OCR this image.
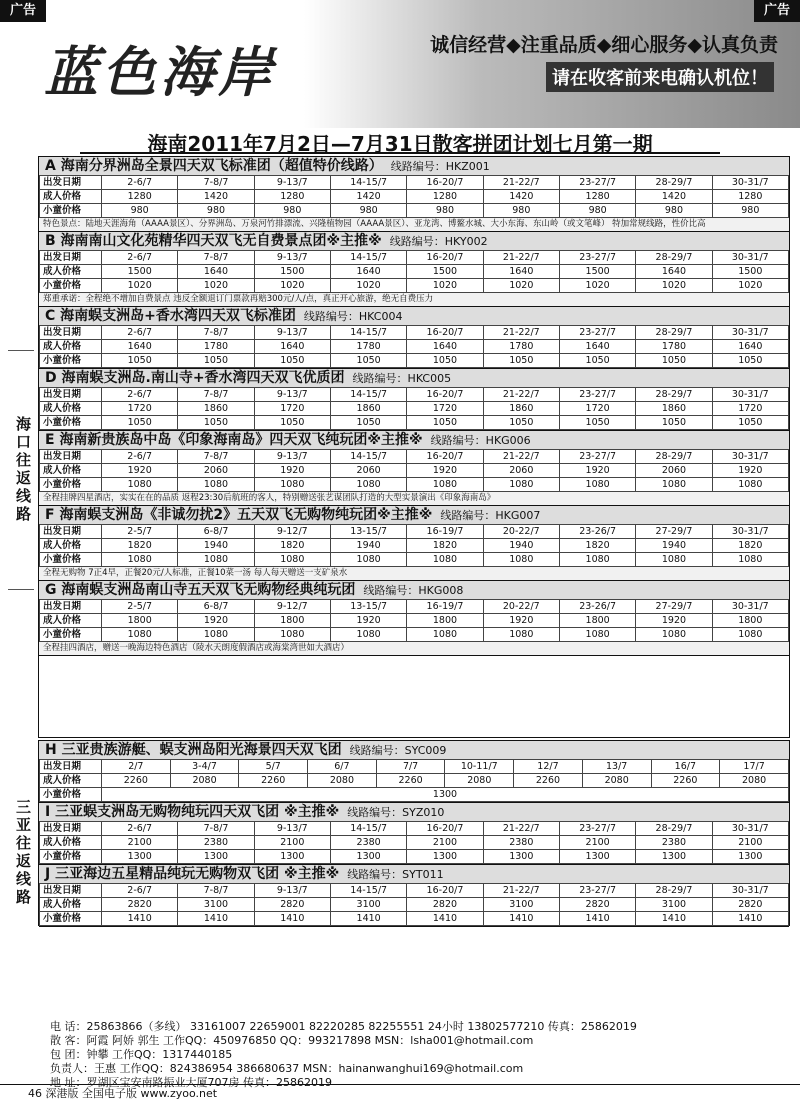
蓝色海岸	诚信经营◆注重品质◆细心服务◆认真负责
请在收客前来电确认机位！
广告	广告
海南2011年7月2日—7月31日散客拼团计划七月第一期
海口往返线路
三亚往返线路
A 海南分界洲岛全景四天双飞标准团（超值特价线路） 线路编号：HKZ001
出发日期	2-6/7	7-8/7	9-13/7	14-15/7	16-20/7	21-22/7	23-27/7	28-29/7	30-31/7
成人价格	1280	1420	1280	1420	1280	1420	1280	1420	1280
小童价格	980	980	980	980	980	980	980	980	980
特色景点：陆地天涯海角（AAAA景区）、分界洲岛、万泉河竹排漂流、兴隆植物园（AAAA景区）、亚龙湾、博鳌水城、大小东海、东山岭（或文笔峰） 特加常规线路，性价比高
B 海南南山文化苑精华四天双飞无自费景点团※主推※ 线路编号：HKY002
出发日期	2-6/7	7-8/7	9-13/7	14-15/7	16-20/7	21-22/7	23-27/7	28-29/7	30-31/7
成人价格	1500	1640	1500	1640	1500	1640	1500	1640	1500
小童价格	1020	1020	1020	1020	1020	1020	1020	1020	1020
郑重承诺：全程绝不增加自费景点 违反全额退订门票款再赔300元/人/点，真正开心旅游，绝无自费压力
C 海南蜈支洲岛+香水湾四天双飞标准团 线路编号：HKC004
出发日期	2-6/7	7-8/7	9-13/7	14-15/7	16-20/7	21-22/7	23-27/7	28-29/7	30-31/7
成人价格	1640	1780	1640	1780	1640	1780	1640	1780	1640
小童价格	1050	1050	1050	1050	1050	1050	1050	1050	1050
D 海南蜈支洲岛.南山寺+香水湾四天双飞优质团 线路编号：HKC005
出发日期	2-6/7	7-8/7	9-13/7	14-15/7	16-20/7	21-22/7	23-27/7	28-29/7	30-31/7
成人价格	1720	1860	1720	1860	1720	1860	1720	1860	1720
小童价格	1050	1050	1050	1050	1050	1050	1050	1050	1050
E 海南新贵族岛中岛《印象海南岛》四天双飞纯玩团※主推※ 线路编号：HKG006
出发日期	2-6/7	7-8/7	9-13/7	14-15/7	16-20/7	21-22/7	23-27/7	28-29/7	30-31/7
成人价格	1920	2060	1920	2060	1920	2060	1920	2060	1920
小童价格	1080	1080	1080	1080	1080	1080	1080	1080	1080
全程挂牌四星酒店，实实在在的品质 返程23:30后航班的客人，特别赠送张艺谋团队打造的大型实景演出《印象海南岛》
F 海南蜈支洲岛《非诚勿扰2》五天双飞无购物纯玩团※主推※ 线路编号：HKG007
出发日期	2-5/7	6-8/7	9-12/7	13-15/7	16-19/7	20-22/7	23-26/7	27-29/7	30-31/7
成人价格	1820	1940	1820	1940	1820	1940	1820	1940	1820
小童价格	1080	1080	1080	1080	1080	1080	1080	1080	1080
全程无购物 7正4早，正餐20元/人标准，正餐10菜一汤 每人每天赠送一支矿泉水
G 海南蜈支洲岛南山寺五天双飞无购物经典纯玩团 线路编号：HKG008
出发日期	2-5/7	6-8/7	9-12/7	13-15/7	16-19/7	20-22/7	23-26/7	27-29/7	30-31/7
成人价格	1800	1920	1800	1920	1800	1920	1800	1920	1800
小童价格	1080	1080	1080	1080	1080	1080	1080	1080	1080
全程挂四酒店，赠送一晚海边特色酒店（陵水天朗度假酒店或海棠湾世如大酒店）
H 三亚贵族游艇、蜈支洲岛阳光海景四天双飞团 线路编号：SYC009
出发日期	2/7	3-4/7	5/7	6/7	7/7	10-11/7	12/7	13/7	16/7	17/7
成人价格	2260	2080	2260	2080	2260	2080	2260	2080	2260	2080
小童价格	1300									
I 三亚蜈支洲岛无购物纯玩四天双飞团 ※主推※ 线路编号：SYZ010
出发日期	2-6/7	7-8/7	9-13/7	14-15/7	16-20/7	21-22/7	23-27/7	28-29/7	30-31/7
成人价格	2100	2380	2100	2380	2100	2380	2100	2380	2100
小童价格	1300	1300	1300	1300	1300	1300	1300	1300	1300
J 三亚海边五星精品纯玩无购物双飞团 ※主推※ 线路编号：SYT011
出发日期	2-6/7	7-8/7	9-13/7	14-15/7	16-20/7	21-22/7	23-27/7	28-29/7	30-31/7
成人价格	2820	3100	2820	3100	2820	3100	2820	3100	2820
小童价格	1410	1410	1410	1410	1410	1410	1410	1410	1410
电 话：25863866（多线） 33161007 22659001 82220285 82255551 24小时 13802577210 传真：25862019
散 客：阿霞 阿娇 郭生 工作QQ：450976850 QQ：993217898 MSN：lsha001@hotmail.com
包 团：钟攀 工作QQ：1317440185
负责人：王惠 工作QQ：824386954 386680637 MSN：hainanwanghui169@hotmail.com
地 址：罗湖区宝安南路振业大厦707房 传真：25862019
46 深港版 全国电子版 www.zyoo.net
